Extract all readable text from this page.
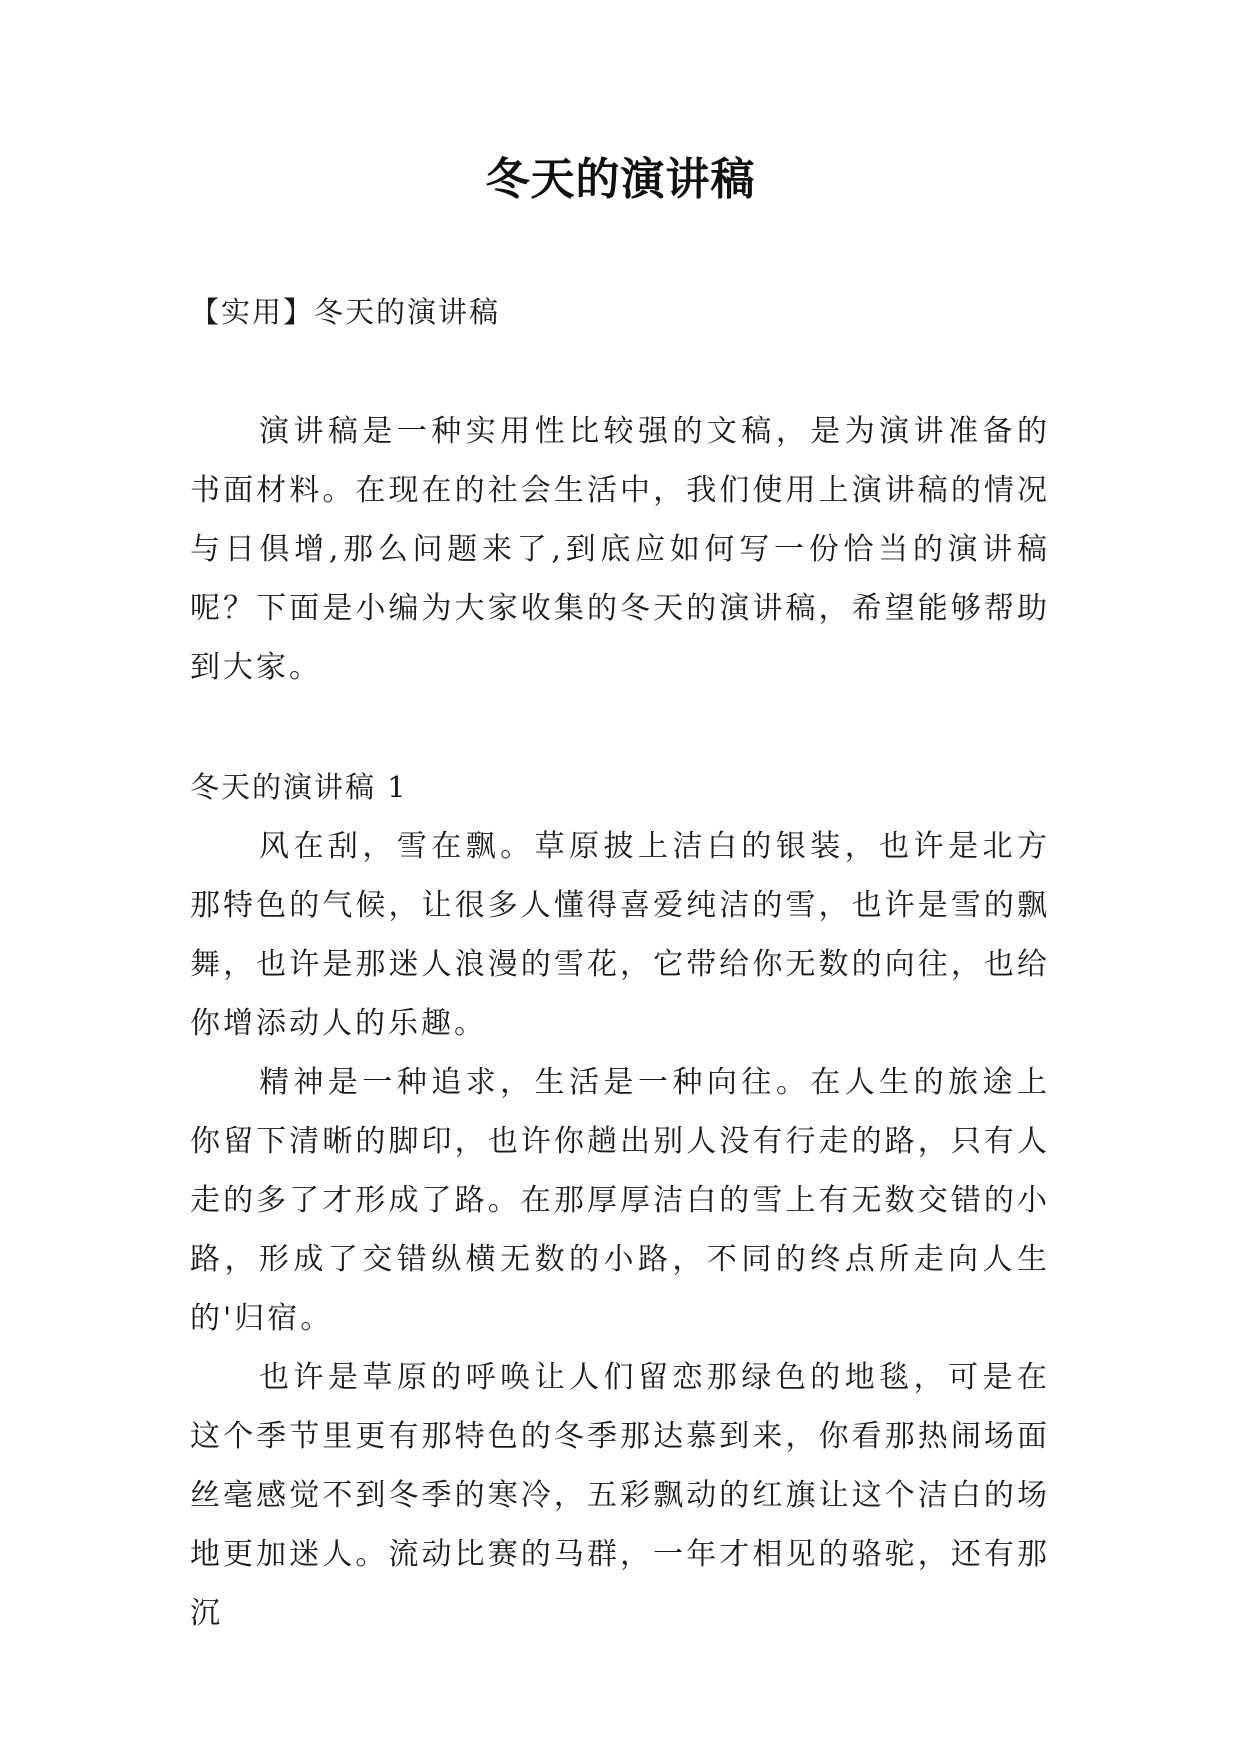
冬天的演讲稿
【实用】冬天的演讲稿

演讲稿是一种实用性比较强的文稿，是为演讲准备的书面材料。在现在的社会生活中，我们使用上演讲稿的情况与日俱增,那么问题来了,到底应如何写一份恰当的演讲稿呢？下面是小编为大家收集的冬天的演讲稿，希望能够帮助到大家。

冬天的演讲稿 1

风在刮，雪在飘。草原披上洁白的银装，也许是北方那特色的气候，让很多人懂得喜爱纯洁的雪，也许是雪的飘舞，也许是那迷人浪漫的雪花，它带给你无数的向往，也给你增添动人的乐趣。

精神是一种追求，生活是一种向往。在人生的旅途上你留下清晰的脚印，也许你趟出别人没有行走的路，只有人走的多了才形成了路。在那厚厚洁白的雪上有无数交错的小路，形成了交错纵横无数的小路，不同的终点所走向人生的'归宿。

也许是草原的呼唤让人们留恋那绿色的地毯，可是在这个季节里更有那特色的冬季那达慕到来，你看那热闹场面丝毫感觉不到冬季的寒冷，五彩飘动的红旗让这个洁白的场地更加迷人。流动比赛的马群，一年才相见的骆驼，还有那沉
